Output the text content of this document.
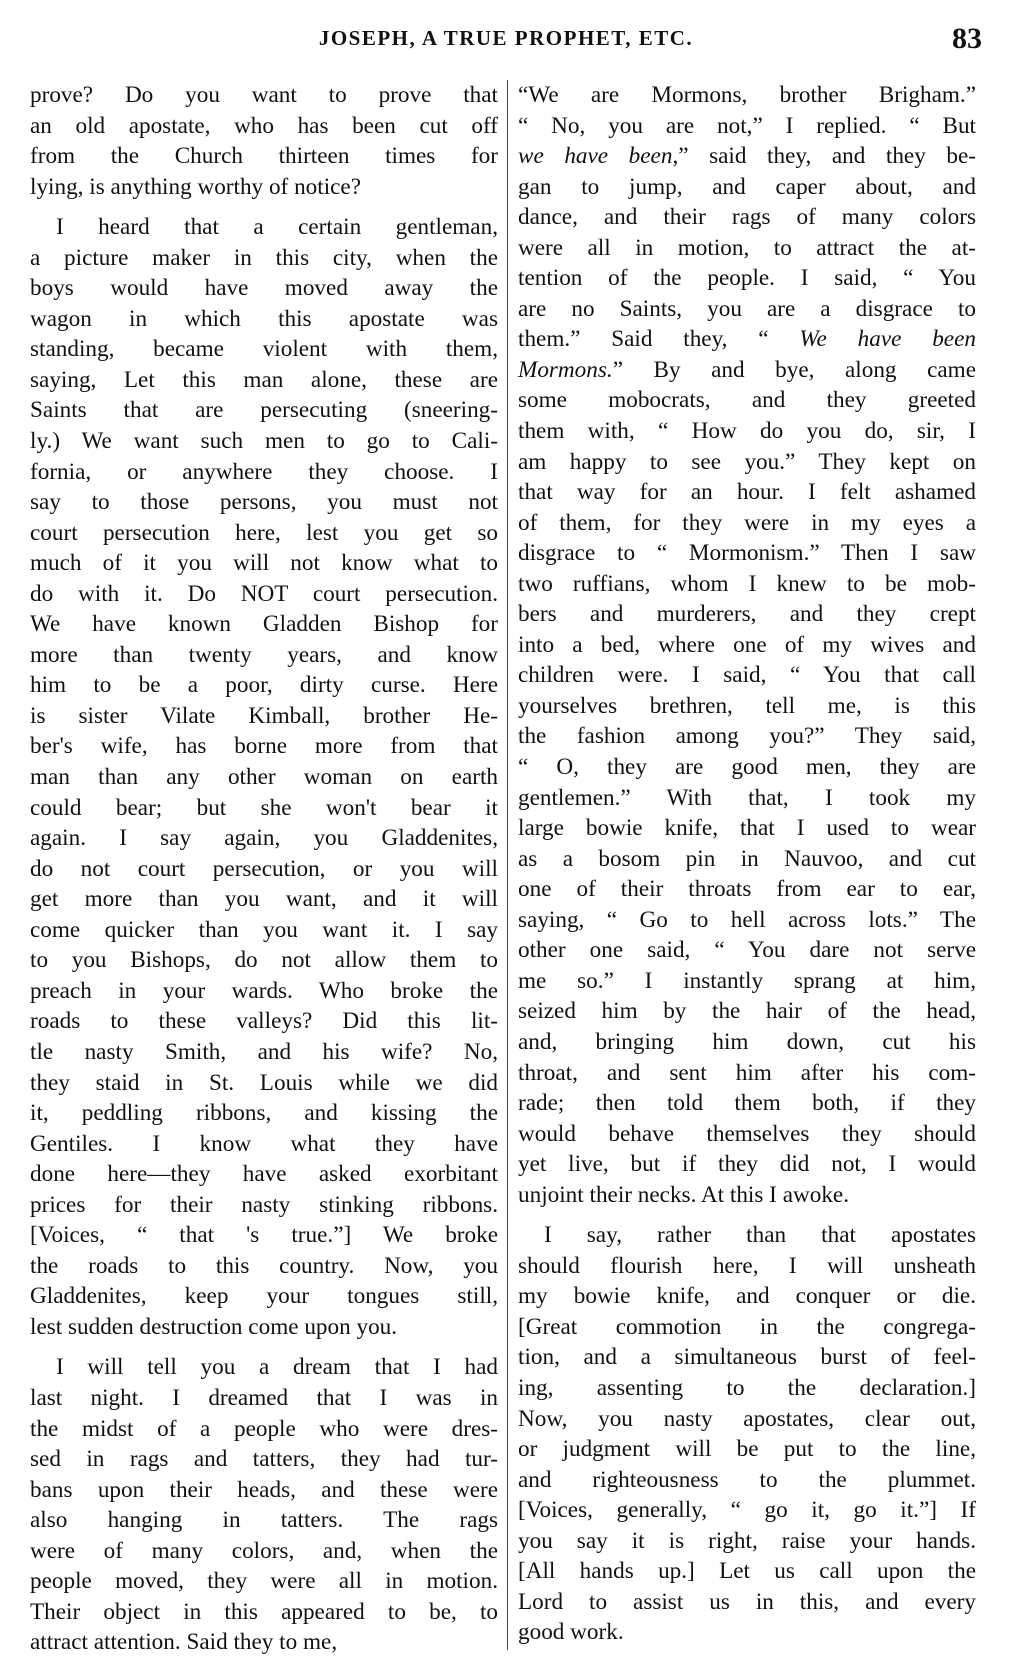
JOSEPH, A TRUE PROPHET, ETC.	83
prove? Do you want to prove that
an old apostate, who has been cut off
from the Church thirteen times for
lying, is anything worthy of notice?
I heard that a certain gentleman,
a picture maker in this city, when the
boys would have moved away the
wagon in which this apostate was
standing, became violent with them,
saying, Let this man alone, these are
Saints that are persecuting (sneering-
ly.) We want such men to go to Cali-
fornia, or anywhere they choose. I
say to those persons, you must not
court persecution here, lest you get so
much of it you will not know what to
do with it. Do NOT court persecution.
We have known Gladden Bishop for
more than twenty years, and know
him to be a poor, dirty curse. Here
is sister Vilate Kimball, brother He-
ber's wife, has borne more from that
man than any other woman on earth
could bear; but she won't bear it
again. I say again, you Gladdenites,
do not court persecution, or you will
get more than you want, and it will
come quicker than you want it. I say
to you Bishops, do not allow them to
preach in your wards. Who broke the
roads to these valleys? Did this lit-
tle nasty Smith, and his wife? No,
they staid in St. Louis while we did
it, peddling ribbons, and kissing the
Gentiles. I know what they have
done here—they have asked exorbitant
prices for their nasty stinking ribbons.
[Voices, “ that 's true.”] We broke
the roads to this country. Now, you
Gladdenites, keep your tongues still,
lest sudden destruction come upon you.
I will tell you a dream that I had
last night. I dreamed that I was in
the midst of a people who were dres-
sed in rags and tatters, they had tur-
bans upon their heads, and these were
also hanging in tatters. The rags
were of many colors, and, when the
people moved, they were all in motion.
Their object in this appeared to be, to
attract attention. Said they to me,
“We are Mormons, brother Brigham.”
“ No, you are not,” I replied. “ But
we have been,” said they, and they be-
gan to jump, and caper about, and
dance, and their rags of many colors
were all in motion, to attract the at-
tention of the people. I said, “ You
are no Saints, you are a disgrace to
them.” Said they, “ We have been
Mormons.” By and bye, along came
some mobocrats, and they greeted
them with, “ How do you do, sir, I
am happy to see you.” They kept on
that way for an hour. I felt ashamed
of them, for they were in my eyes a
disgrace to “ Mormonism.” Then I saw
two ruffians, whom I knew to be mob-
bers and murderers, and they crept
into a bed, where one of my wives and
children were. I said, “ You that call
yourselves brethren, tell me, is this
the fashion among you?” They said,
“ O, they are good men, they are
gentlemen.” With that, I took my
large bowie knife, that I used to wear
as a bosom pin in Nauvoo, and cut
one of their throats from ear to ear,
saying, “ Go to hell across lots.” The
other one said, “ You dare not serve
me so.” I instantly sprang at him,
seized him by the hair of the head,
and, bringing him down, cut his
throat, and sent him after his com-
rade; then told them both, if they
would behave themselves they should
yet live, but if they did not, I would
unjoint their necks. At this I awoke.
I say, rather than that apostates
should flourish here, I will unsheath
my bowie knife, and conquer or die.
[Great commotion in the congrega-
tion, and a simultaneous burst of feel-
ing, assenting to the declaration.]
Now, you nasty apostates, clear out,
or judgment will be put to the line,
and righteousness to the plummet.
[Voices, generally, “ go it, go it.”] If
you say it is right, raise your hands.
[All hands up.] Let us call upon the
Lord to assist us in this, and every
good work.
